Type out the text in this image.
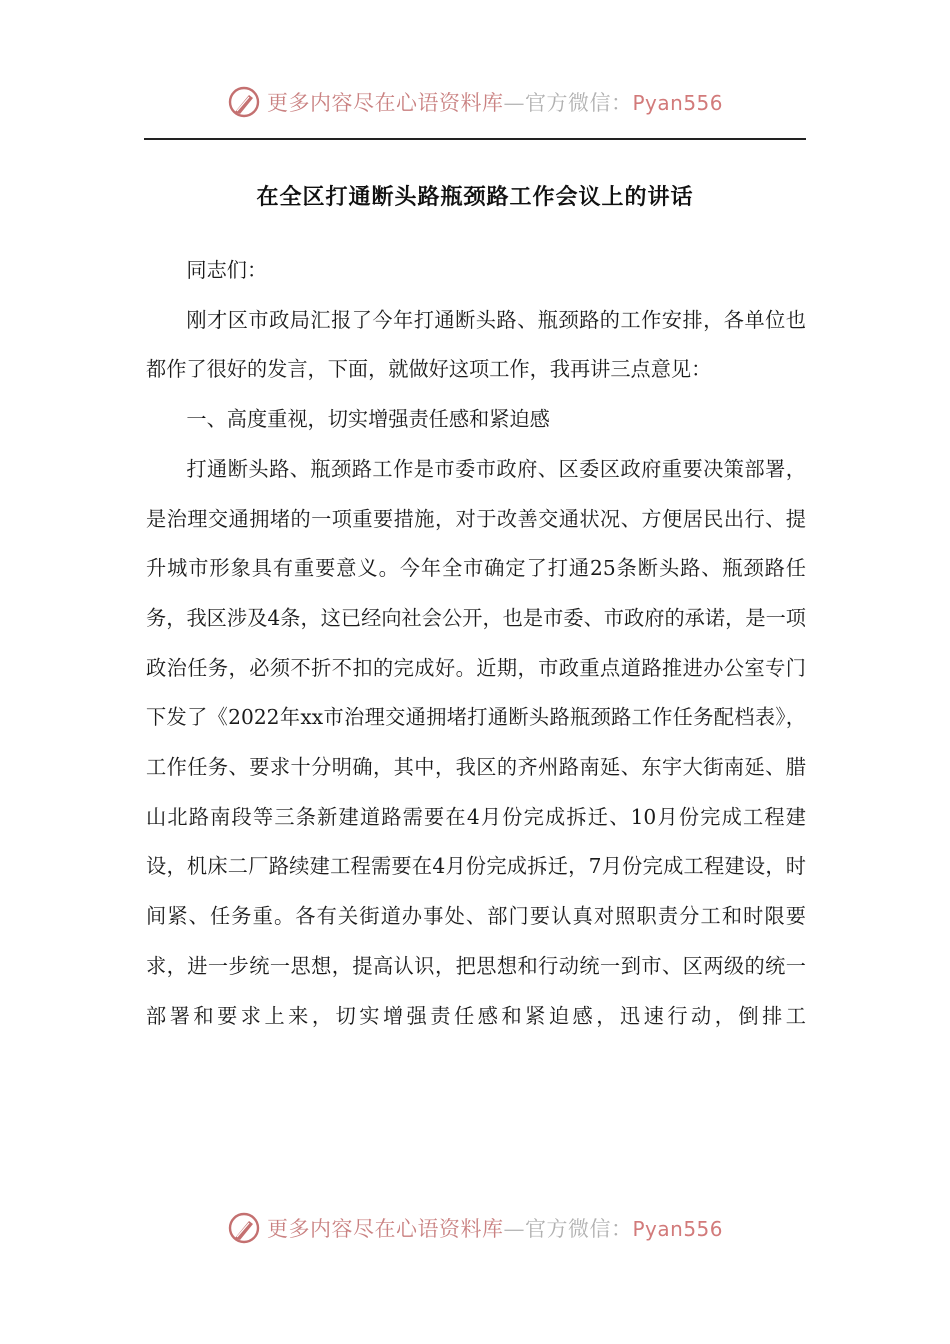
更多内容尽在心语资料库—官方微信：Pyan556
在全区打通断头路瓶颈路工作会议上的讲话

同志们：

刚才区市政局汇报了今年打通断头路、瓶颈路的工作安排，各单位也都作了很好的发言，下面，就做好这项工作，我再讲三点意见：

一、高度重视，切实增强责任感和紧迫感

打通断头路、瓶颈路工作是市委市政府、区委区政府重要决策部署，是治理交通拥堵的一项重要措施，对于改善交通状况、方便居民出行、提升城市形象具有重要意义。今年全市确定了打通25条断头路、瓶颈路任务，我区涉及4条，这已经向社会公开，也是市委、市政府的承诺，是一项政治任务，必须不折不扣的完成好。近期，市政重点道路推进办公室专门下发了《2022年xx市治理交通拥堵打通断头路瓶颈路工作任务配档表》，工作任务、要求十分明确，其中，我区的齐州路南延、东宇大街南延、腊山北路南段等三条新建道路需要在4月份完成拆迁、10月份完成工程建设，机床二厂路续建工程需要在4月份完成拆迁，7月份完成工程建设，时间紧、任务重。各有关街道办事处、部门要认真对照职责分工和时限要求，进一步统一思想，提高认识，把思想和行动统一到市、区两级的统一部署和要求上来，切实增强责任感和紧迫感，迅速行动，倒排工

更多内容尽在心语资料库—官方微信：Pyan556
